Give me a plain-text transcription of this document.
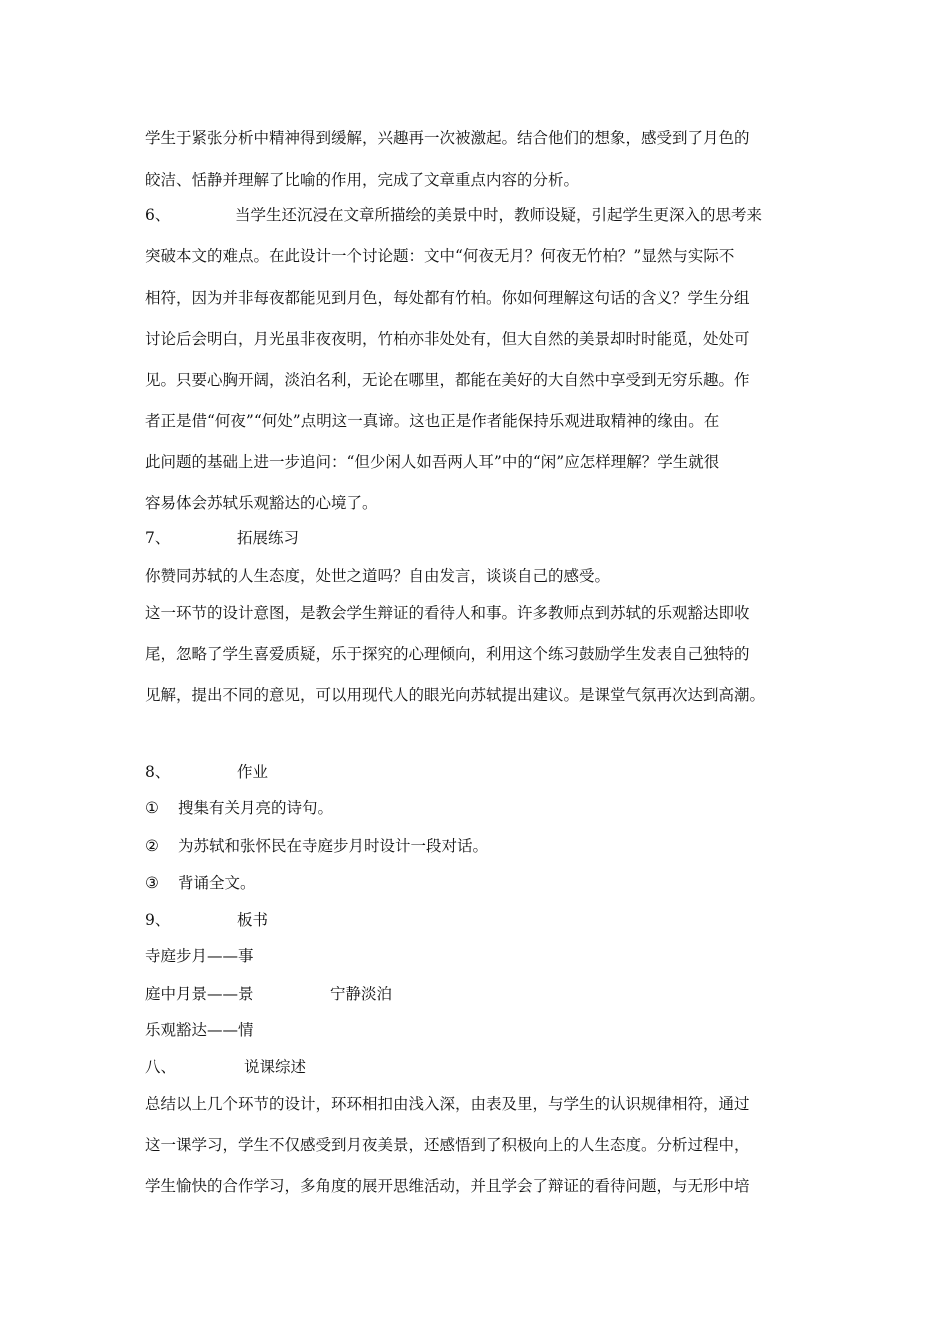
学生于紧张分析中精神得到缓解，兴趣再一次被激起。结合他们的想象，感受到了月色的
皎洁、恬静并理解了比喻的作用，完成了文章重点内容的分析。
6、	当学生还沉浸在文章所描绘的美景中时，教师设疑，引起学生更深入的思考来
突破本文的难点。在此设计一个讨论题：文中“何夜无月？何夜无竹柏？”显然与实际不
相符，因为并非每夜都能见到月色，每处都有竹柏。你如何理解这句话的含义？学生分组
讨论后会明白，月光虽非夜夜明，竹柏亦非处处有，但大自然的美景却时时能觅，处处可
见。只要心胸开阔，淡泊名利，无论在哪里，都能在美好的大自然中享受到无穷乐趣。作
者正是借“何夜”“何处”点明这一真谛。这也正是作者能保持乐观进取精神的缘由。在
此问题的基础上进一步追问：“但少闲人如吾两人耳”中的“闲”应怎样理解？学生就很
容易体会苏轼乐观豁达的心境了。
7、	拓展练习
你赞同苏轼的人生态度，处世之道吗？自由发言，谈谈自己的感受。
这一环节的设计意图，是教会学生辩证的看待人和事。许多教师点到苏轼的乐观豁达即收
尾，忽略了学生喜爱质疑，乐于探究的心理倾向，利用这个练习鼓励学生发表自己独特的
见解，提出不同的意见，可以用现代人的眼光向苏轼提出建议。是课堂气氛再次达到高潮。
8、	作业
① 搜集有关月亮的诗句。
② 为苏轼和张怀民在寺庭步月时设计一段对话。
③ 背诵全文。
9、	板书
寺庭步月——事
庭中月景——景	宁静淡泊
乐观豁达——情
八、	说课综述
总结以上几个环节的设计，环环相扣由浅入深，由表及里，与学生的认识规律相符，通过
这一课学习，学生不仅感受到月夜美景，还感悟到了积极向上的人生态度。分析过程中，
学生愉快的合作学习，多角度的展开思维活动，并且学会了辩证的看待问题，与无形中培
